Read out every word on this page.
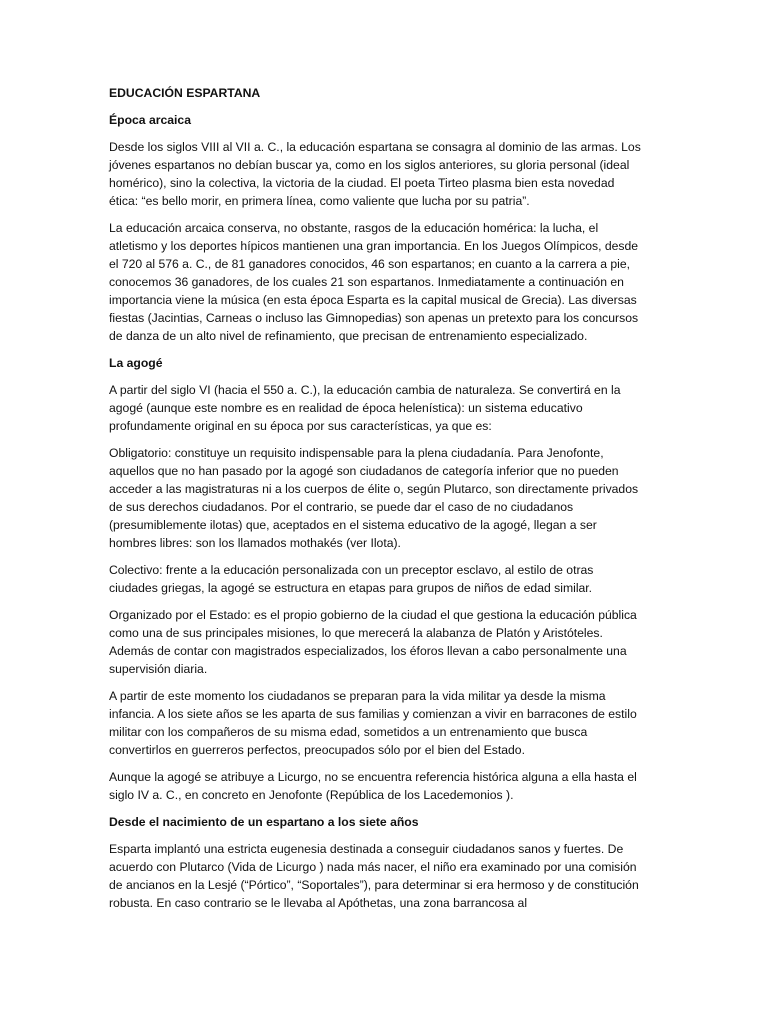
EDUCACIÓN ESPARTANA

Época arcaica

Desde los siglos VIII al VII a. C., la educación espartana se consagra al dominio de las armas. Los jóvenes espartanos no debían buscar ya, como en los siglos anteriores, su gloria personal (ideal homérico), sino la colectiva, la victoria de la ciudad. El poeta Tirteo plasma bien esta novedad ética: “es bello morir, en primera línea, como valiente que lucha por su patria”.

La educación arcaica conserva, no obstante, rasgos de la educación homérica: la lucha, el atletismo y los deportes hípicos mantienen una gran importancia. En los Juegos Olímpicos, desde el 720 al 576 a. C., de 81 ganadores conocidos, 46 son espartanos; en cuanto a la carrera a pie, conocemos 36 ganadores, de los cuales 21 son espartanos. Inmediatamente a continuación en importancia viene la música (en esta época Esparta es la capital musical de Grecia). Las diversas fiestas (Jacintias, Carneas o incluso las Gimnopedias) son apenas un pretexto para los concursos de danza de un alto nivel de refinamiento, que precisan de entrenamiento especializado.

La agogé

A partir del siglo VI (hacia el 550 a. C.), la educación cambia de naturaleza. Se convertirá en la agogé (aunque este nombre es en realidad de época helenística): un sistema educativo profundamente original en su época por sus características, ya que es:

Obligatorio: constituye un requisito indispensable para la plena ciudadanía. Para Jenofonte, aquellos que no han pasado por la agogé son ciudadanos de categoría inferior que no pueden acceder a las magistraturas ni a los cuerpos de élite o, según Plutarco, son directamente privados de sus derechos ciudadanos. Por el contrario, se puede dar el caso de no ciudadanos (presumiblemente ilotas) que, aceptados en el sistema educativo de la agogé, llegan a ser hombres libres: son los llamados mothakés (ver Ilota).

Colectivo: frente a la educación personalizada con un preceptor esclavo, al estilo de otras ciudades griegas, la agogé se estructura en etapas para grupos de niños de edad similar.

Organizado por el Estado: es el propio gobierno de la ciudad el que gestiona la educación pública como una de sus principales misiones, lo que merecerá la alabanza de Platón y Aristóteles. Además de contar con magistrados especializados, los éforos llevan a cabo personalmente una supervisión diaria.

A partir de este momento los ciudadanos se preparan para la vida militar ya desde la misma infancia. A los siete años se les aparta de sus familias y comienzan a vivir en barracones de estilo militar con los compañeros de su misma edad, sometidos a un entrenamiento que busca convertirlos en guerreros perfectos, preocupados sólo por el bien del Estado.

Aunque la agogé se atribuye a Licurgo, no se encuentra referencia histórica alguna a ella hasta el siglo IV a. C., en concreto en Jenofonte (República de los Lacedemonios ).

Desde el nacimiento de un espartano a los siete años

Esparta implantó una estricta eugenesia destinada a conseguir ciudadanos sanos y fuertes. De acuerdo con Plutarco (Vida de Licurgo ) nada más nacer, el niño era examinado por una comisión de ancianos en la Lesjé (“Pórtico”, “Soportales”), para determinar si era hermoso y de constitución robusta. En caso contrario se le llevaba al Apóthetas, una zona barrancosa al
